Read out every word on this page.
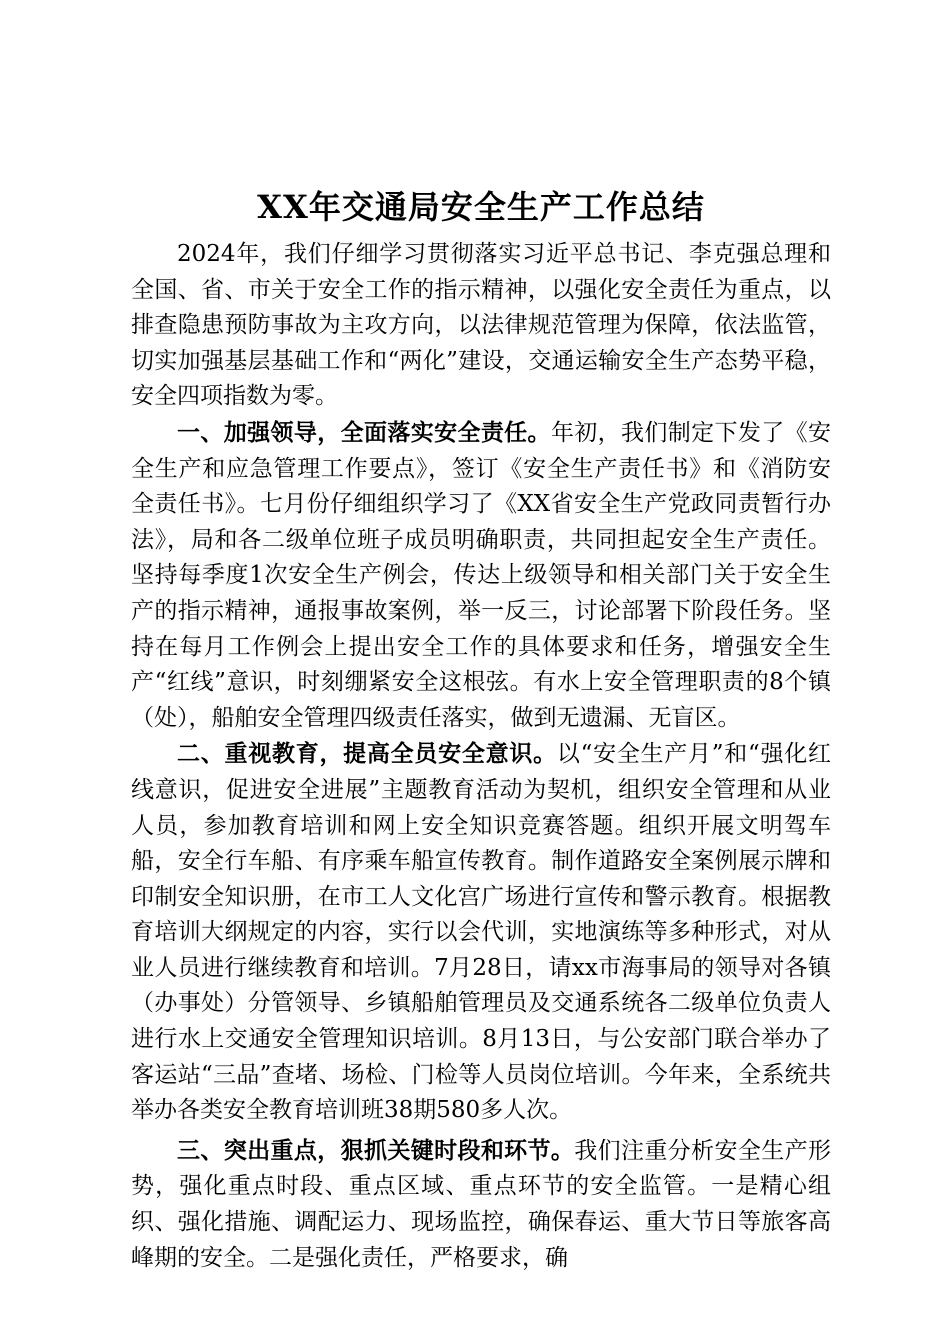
XX年交通局安全生产工作总结

2024年，我们仔细学习贯彻落实习近平总书记、李克强总理和全国、省、市关于安全工作的指示精神，以强化安全责任为重点，以排查隐患预防事故为主攻方向，以法律规范管理为保障，依法监管，切实加强基层基础工作和“两化”建设，交通运输安全生产态势平稳，安全四项指数为零。

一、加强领导，全面落实安全责任。年初，我们制定下发了《安全生产和应急管理工作要点》，签订《安全生产责任书》和《消防安全责任书》。七月份仔细组织学习了《XX省安全生产党政同责暂行办法》，局和各二级单位班子成员明确职责，共同担起安全生产责任。坚持每季度1次安全生产例会，传达上级领导和相关部门关于安全生产的指示精神，通报事故案例，举一反三，讨论部署下阶段任务。坚持在每月工作例会上提出安全工作的具体要求和任务，增强安全生产“红线”意识，时刻绷紧安全这根弦。有水上安全管理职责的8个镇（处），船舶安全管理四级责任落实，做到无遗漏、无盲区。

二、重视教育，提高全员安全意识。以“安全生产月”和“强化红线意识，促进安全进展”主题教育活动为契机，组织安全管理和从业人员，参加教育培训和网上安全知识竞赛答题。组织开展文明驾车船，安全行车船、有序乘车船宣传教育。制作道路安全案例展示牌和印制安全知识册，在市工人文化宫广场进行宣传和警示教育。根据教育培训大纲规定的内容，实行以会代训，实地演练等多种形式，对从业人员进行继续教育和培训。7月28日，请xx市海事局的领导对各镇（办事处）分管领导、乡镇船舶管理员及交通系统各二级单位负责人进行水上交通安全管理知识培训。8月13日，与公安部门联合举办了客运站“三品”查堵、场检、门检等人员岗位培训。今年来，全系统共举办各类安全教育培训班38期580多人次。

三、突出重点，狠抓关键时段和环节。我们注重分析安全生产形势，强化重点时段、重点区域、重点环节的安全监管。一是精心组织、强化措施、调配运力、现场监控，确保春运、重大节日等旅客高峰期的安全。二是强化责任，严格要求，确
